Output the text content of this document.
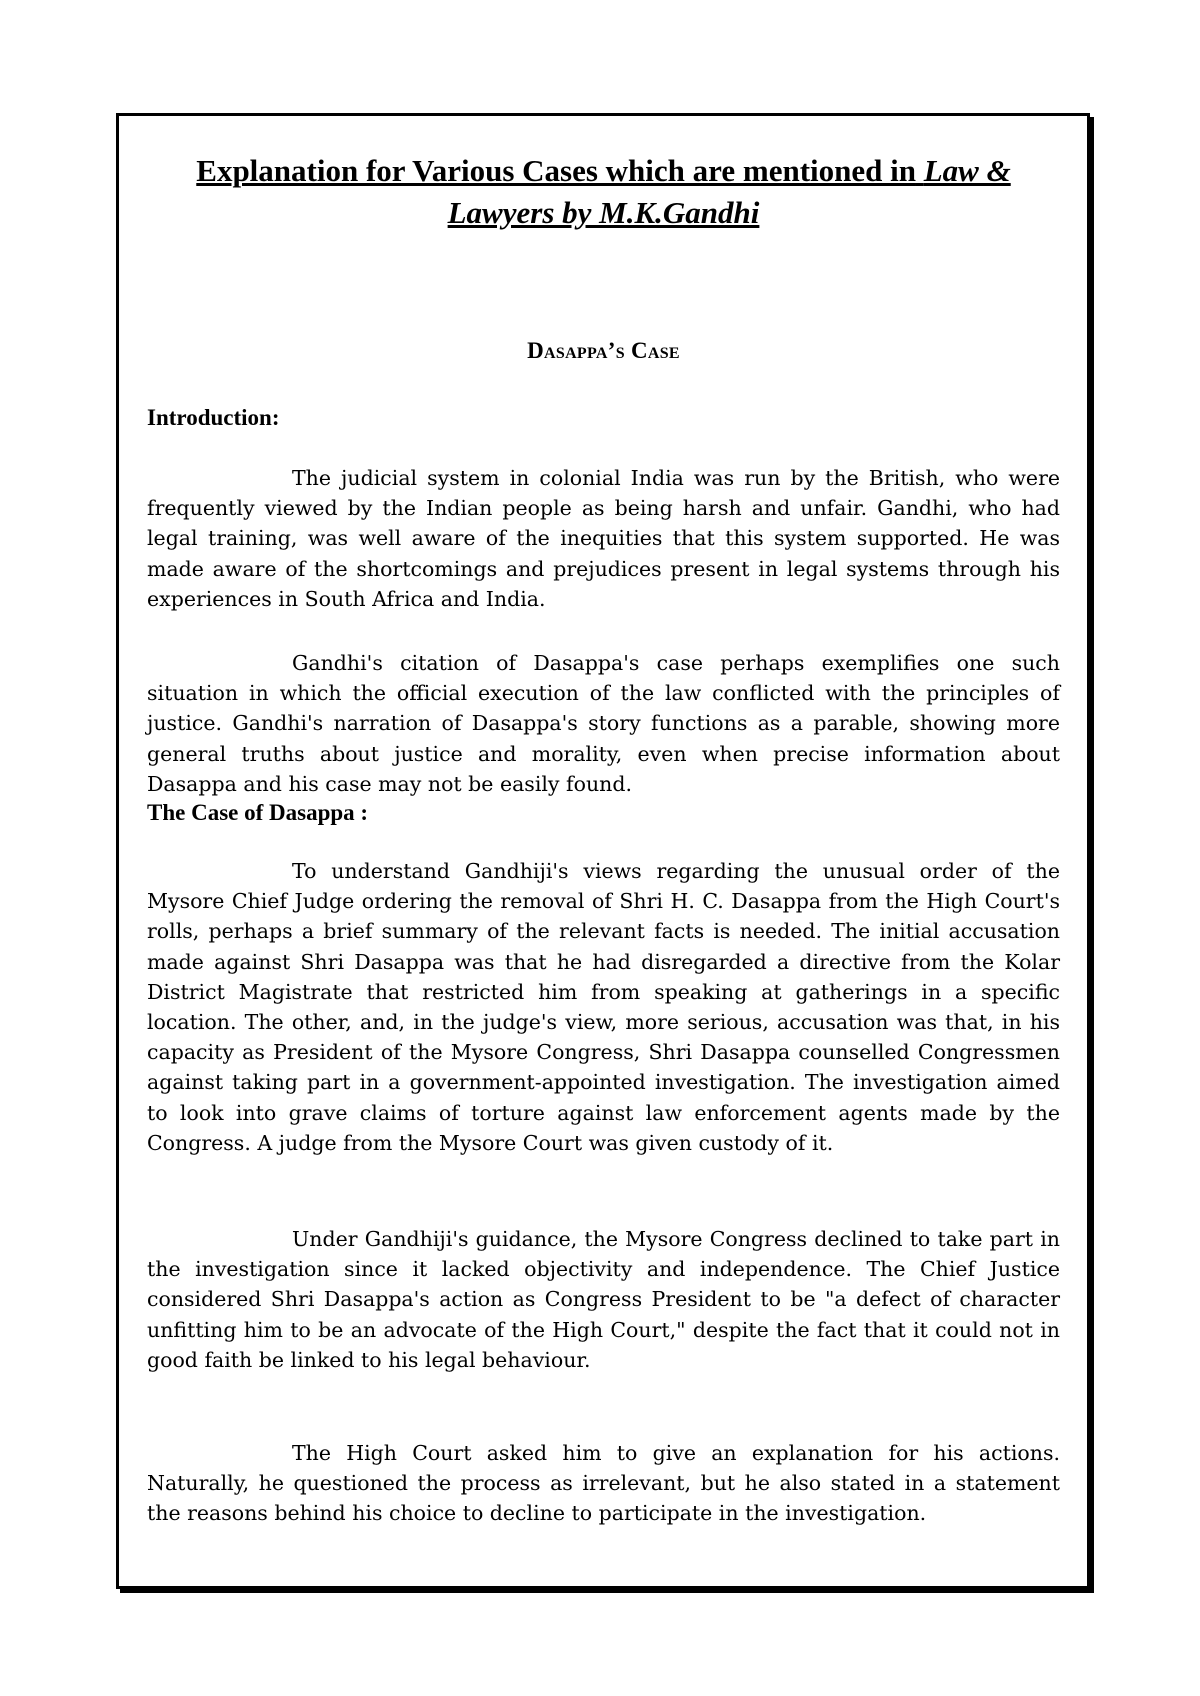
Explanation for Various Cases which are mentioned in Law & Lawyers by M.K.Gandhi
Dasappa’s Case
Introduction:

The judicial system in colonial India was run by the British, who were frequently viewed by the Indian people as being harsh and unfair. Gandhi, who had legal training, was well aware of the inequities that this system supported. He was made aware of the shortcomings and prejudices present in legal systems through his experiences in South Africa and India.

Gandhi's citation of Dasappa's case perhaps exemplifies one such situation in which the official execution of the law conflicted with the principles of justice. Gandhi's narration of Dasappa's story functions as a parable, showing more general truths about justice and morality, even when precise information about Dasappa and his case may not be easily found.

The Case of Dasappa :

To understand Gandhiji's views regarding the unusual order of the Mysore Chief Judge ordering the removal of Shri H. C. Dasappa from the High Court's rolls, perhaps a brief summary of the relevant facts is needed. The initial accusation made against Shri Dasappa was that he had disregarded a directive from the Kolar District Magistrate that restricted him from speaking at gatherings in a specific location. The other, and, in the judge's view, more serious, accusation was that, in his capacity as President of the Mysore Congress, Shri Dasappa counselled Congressmen against taking part in a government-appointed investigation. The investigation aimed to look into grave claims of torture against law enforcement agents made by the Congress. A judge from the Mysore Court was given custody of it.

Under Gandhiji's guidance, the Mysore Congress declined to take part in the investigation since it lacked objectivity and independence. The Chief Justice considered Shri Dasappa's action as Congress President to be "a defect of character unfitting him to be an advocate of the High Court," despite the fact that it could not in good faith be linked to his legal behaviour.

The High Court asked him to give an explanation for his actions. Naturally, he questioned the process as irrelevant, but he also stated in a statement the reasons behind his choice to decline to participate in the investigation.
